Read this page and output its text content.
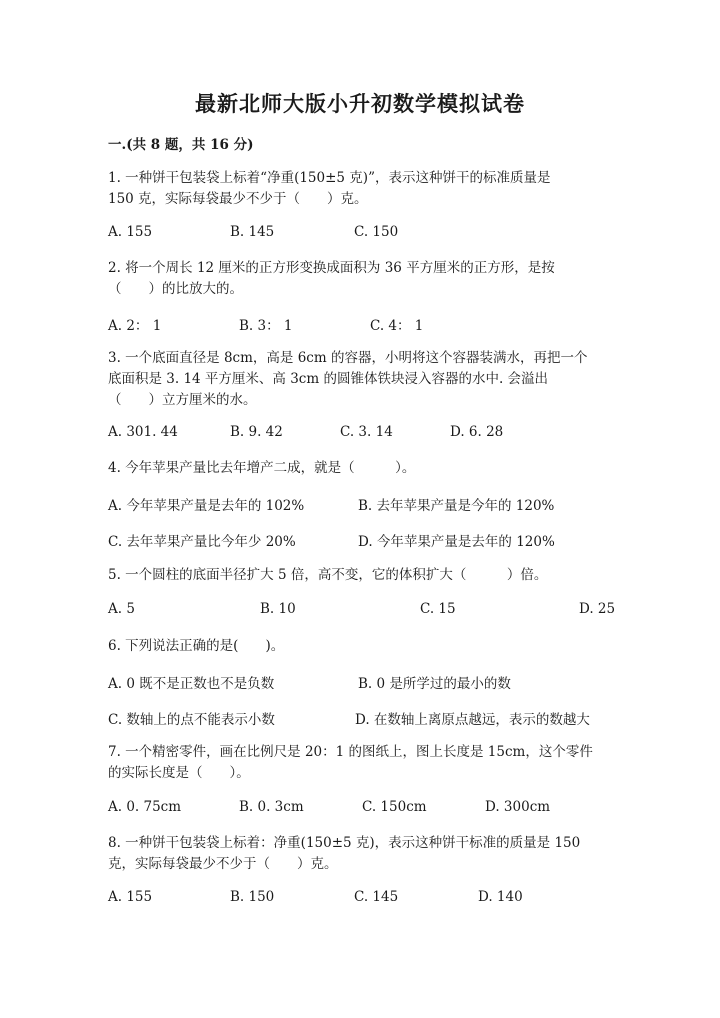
最新北师大版小升初数学模拟试卷
一.(共 8 题，共 16 分)
1. 一种饼干包装袋上标着“净重(150±5 克)”，表示这种饼干的标准质量是
150 克，实际每袋最少不少于（　　）克。
A. 155	B. 145	C. 150
2. 将一个周长 12 厘米的正方形变换成面积为 36 平方厘米的正方形，是按
（　　）的比放大的。
A. 2： 1	B. 3： 1	C. 4： 1
3. 一个底面直径是 8cm，高是 6cm 的容器，小明将这个容器装满水，再把一个
底面积是 3. 14 平方厘米、高 3cm 的圆锥体铁块浸入容器的水中. 会溢出
（　　）立方厘米的水。
A. 301. 44	B. 9. 42	C. 3. 14	D. 6. 28
4. 今年苹果产量比去年增产二成，就是（　　　）。
A. 今年苹果产量是去年的 102%	B. 去年苹果产量是今年的 120%
C. 去年苹果产量比今年少 20%	D. 今年苹果产量是去年的 120%
5. 一个圆柱的底面半径扩大 5 倍，高不变，它的体积扩大（　　　）倍。
A. 5	B. 10	C. 15	D. 25
6. 下列说法正确的是(　　)。
A. 0 既不是正数也不是负数	B. 0 是所学过的最小的数
C. 数轴上的点不能表示小数	D. 在数轴上离原点越远，表示的数越大
7. 一个精密零件，画在比例尺是 20：1 的图纸上，图上长度是 15cm，这个零件
的实际长度是（　　）。
A. 0. 75cm	B. 0. 3cm	C. 150cm	D. 300cm
8. 一种饼干包装袋上标着：净重(150±5 克)，表示这种饼干标准的质量是 150
克，实际每袋最少不少于（　　）克。
A. 155	B. 150	C. 145	D. 140
